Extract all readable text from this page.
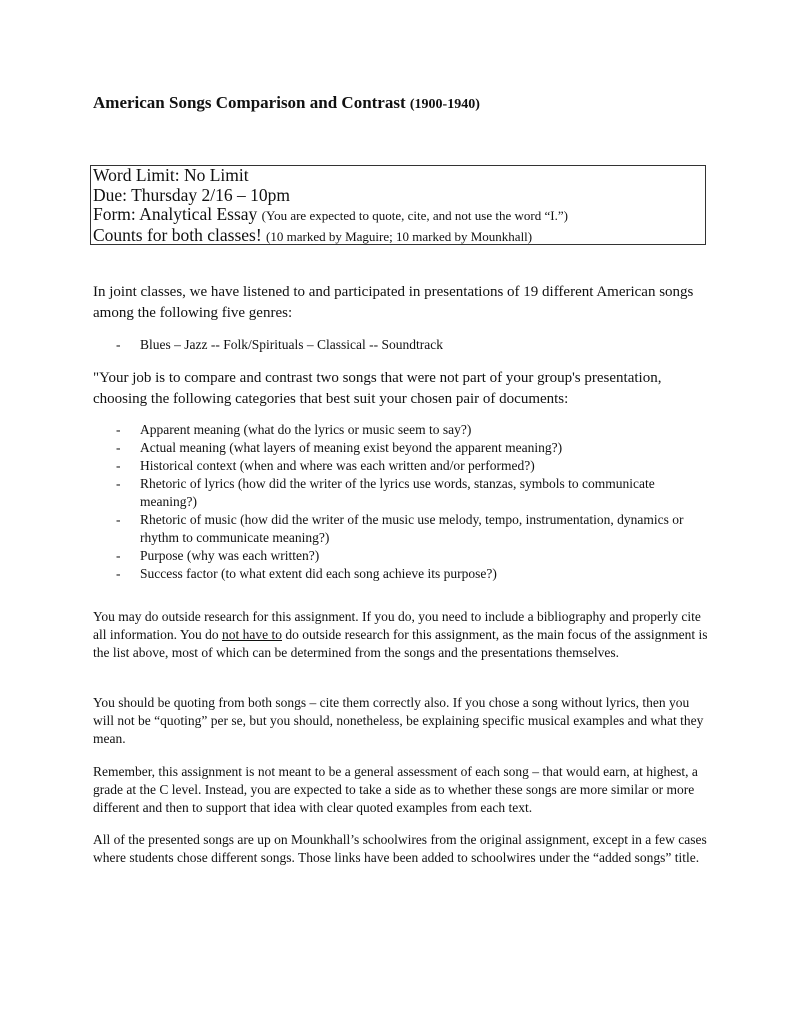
American Songs Comparison and Contrast (1900-1940)
Word Limit: No Limit
Due: Thursday 2/16 – 10pm
Form: Analytical Essay (You are expected to quote, cite, and not use the word “I.”)
Counts for both classes! (10 marked by Maguire; 10 marked by Mounkhall)

In joint classes, we have listened to and participated in presentations of 19 different American songs among the following five genres:

- Blues – Jazz -- Folk/Spirituals – Classical -- Soundtrack

"Your job is to compare and contrast two songs that were not part of your group's presentation, choosing the following categories that best suit your chosen pair of documents:

- Apparent meaning (what do the lyrics or music seem to say?)
- Actual meaning (what layers of meaning exist beyond the apparent meaning?)
- Historical context (when and where was each written and/or performed?)
- Rhetoric of lyrics (how did the writer of the lyrics use words, stanzas, symbols to communicate meaning?)
- Rhetoric of music (how did the writer of the music use melody, tempo, instrumentation, dynamics or rhythm to communicate meaning?)
- Purpose (why was each written?)
- Success factor (to what extent did each song achieve its purpose?)

You may do outside research for this assignment. If you do, you need to include a bibliography and properly cite all information. You do not have to do outside research for this assignment, as the main focus of the assignment is the list above, most of which can be determined from the songs and the presentations themselves.

You should be quoting from both songs – cite them correctly also. If you chose a song without lyrics, then you will not be “quoting” per se, but you should, nonetheless, be explaining specific musical examples and what they mean.

Remember, this assignment is not meant to be a general assessment of each song – that would earn, at highest, a grade at the C level. Instead, you are expected to take a side as to whether these songs are more similar or more different and then to support that idea with clear quoted examples from each text.

All of the presented songs are up on Mounkhall’s schoolwires from the original assignment, except in a few cases where students chose different songs. Those links have been added to schoolwires under the “added songs” title.
